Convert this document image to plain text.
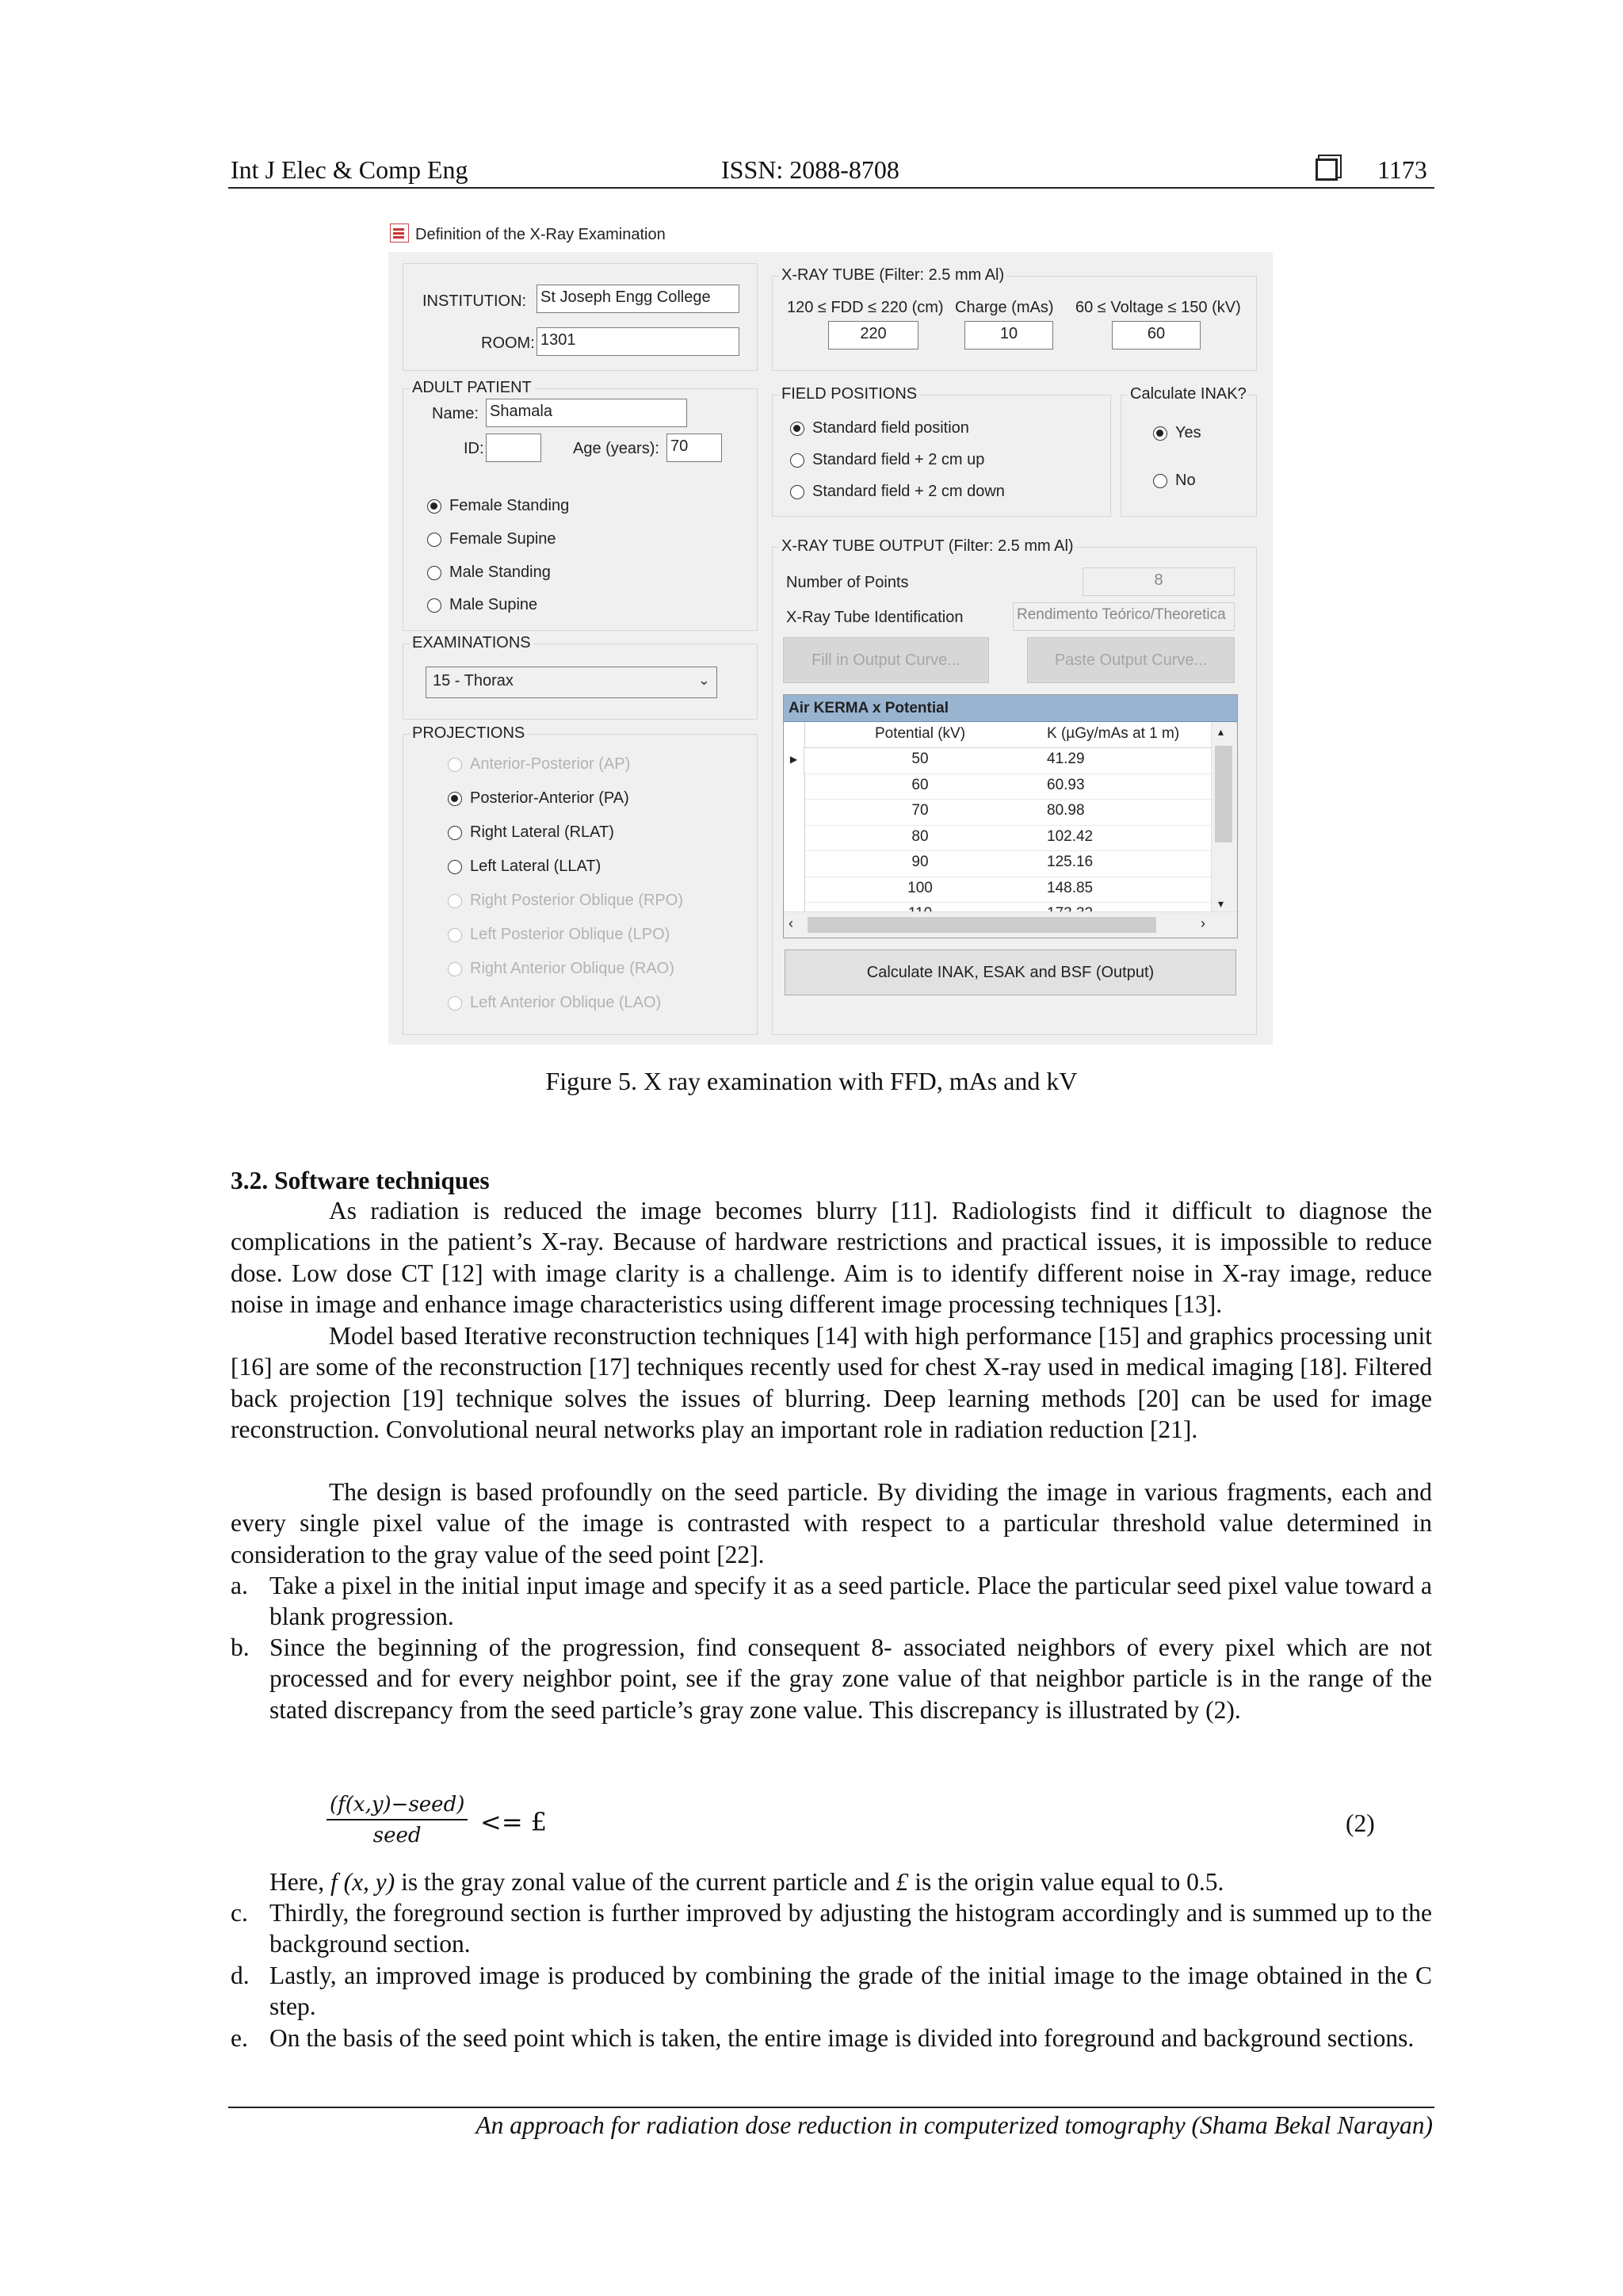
Int J Elec & Comp Eng	ISSN: 2088-8708	1173
Definition of the X-Ray Examination
INSTITUTION: St Joseph Engg College
ROOM: 1301
X-RAY TUBE (Filter: 2.5 mm Al)
120 ≤ FDD ≤ 220 (cm)
220
Charge (mAs)
10
60 ≤ Voltage ≤ 150 (kV)
60
ADULT PATIENT
Name: Shamala
ID:	Age (years): 70
Female Standing
Female Supine
Male Standing
Male Supine
FIELD POSITIONS
Standard field position
Standard field + 2 cm up
Standard field + 2 cm down
Calculate INAK?
Yes
No
EXAMINATIONS
15 - Thorax	⌄
PROJECTIONS
Anterior-Posterior (AP)
Posterior-Anterior (PA)
Right Lateral (RLAT)
Left Lateral (LLAT)
Right Posterior Oblique (RPO)
Left Posterior Oblique (LPO)
Right Anterior Oblique (RAO)
Left Anterior Oblique (LAO)
X-RAY TUBE OUTPUT (Filter: 2.5 mm Al)
Number of Points	8
X-Ray Tube Identification	Rendimento Teórico/Theoretica
Fill in Output Curve...	Paste Output Curve...
Air KERMA x Potential
Potential (kV)	K (µGy/mAs at 1 m)
▶	50	41.29
60	60.93
70	80.98
80	102.42
90	125.16
100	148.85
▴
▾
‹	›
Calculate INAK, ESAK and BSF (Output)
Figure 5. X ray examination with FFD, mAs and kV
3.2. Software techniques
As radiation is reduced the image becomes blurry [11]. Radiologists find it difficult to diagnose the complications in the patient’s X-ray. Because of hardware restrictions and practical issues, it is impossible to reduce dose. Low dose CT [12] with image clarity is a challenge. Aim is to identify different noise in X-ray image, reduce noise in image and enhance image characteristics using different image processing techniques [13].
Model based Iterative reconstruction techniques [14] with high performance [15] and graphics processing unit [16] are some of the reconstruction [17] techniques recently used for chest X-ray used in medical imaging [18]. Filtered back projection [19] technique solves the issues of blurring. Deep learning methods [20] can be used for image reconstruction. Convolutional neural networks play an important role in radiation reduction [21].
The design is based profoundly on the seed particle. By dividing the image in various fragments, each and every single pixel value of the image is contrasted with respect to a particular threshold value determined in consideration to the gray value of the seed point [22].
a. Take a pixel in the initial input image and specify it as a seed particle. Place the particular seed pixel value toward a blank progression.
b. Since the beginning of the progression, find consequent 8- associated neighbors of every pixel which are not processed and for every neighbor point, see if the gray zone value of that neighbor particle is in the range of the stated discrepancy from the seed particle’s gray zone value. This discrepancy is illustrated by (2).
(f(x,y)−seed)
seed	<= £	(2)
Here, f (x, y) is the gray zonal value of the current particle and £ is the origin value equal to 0.5.
c. Thirdly, the foreground section is further improved by adjusting the histogram accordingly and is summed up to the background section.
d. Lastly, an improved image is produced by combining the grade of the initial image to the image obtained in the C step.
e. On the basis of the seed point which is taken, the entire image is divided into foreground and background sections.
An approach for radiation dose reduction in computerized tomography (Shama Bekal Narayan)
